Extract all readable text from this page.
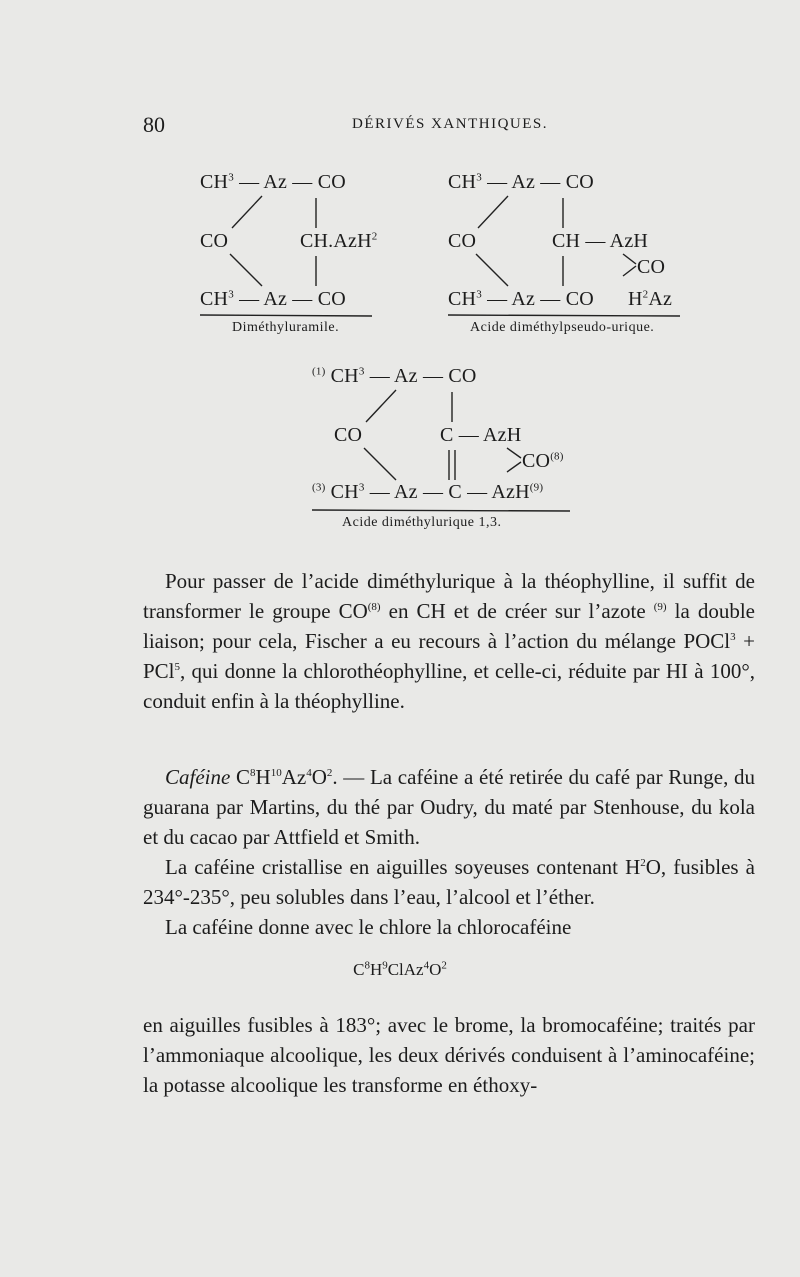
80	DÉRIVÉS XANTHIQUES.
$CH^3$ — Az — CO
CO	CH.AzH$^2$
$CH^3$ — Az — CO
Diméthyluramile.
$CH^3$ — Az — CO
CO	CH — AzH
CO
$CH^3$ — Az — CO $H^2Az$
Acide diméthylpseudo-urique.
$^{(1)}$ $CH^3$ — Az — CO
CO	C — AzH
CO$^{(8)}$
$^{(3)}$ $CH^3$ — Az — C — AzH$^{(9)}$
Acide diméthylurique 1,3.

Pour passer de l’acide diméthylurique à la théophylline, il suffit de transformer le groupe CO$^{(8)}$ en CH et de créer sur l’azote $^{(9)}$ la double liaison; pour cela, Fischer a eu recours à l’action du mélange POCl$^3$ + PCl$^5$, qui donne la chlorothéophylline, et celle-ci, réduite par HI à 100°, conduit enfin à la théophylline.

Caféine $C^8H^{10}Az^4O^2$. — La caféine a été retirée du café par Runge, du guarana par Martins, du thé par Oudry, du maté par Stenhouse, du kola et du cacao par Attfield et Smith.

La caféine cristallise en aiguilles soyeuses contenant $H^2O$, fusibles à 234°-235°, peu solubles dans l’eau, l’alcool et l’éther.

La caféine donne avec le chlore la chlorocaféine

$C^8H^9ClAz^4O^2$

en aiguilles fusibles à 183°; avec le brome, la bromocaféine; traités par l’ammoniaque alcoolique, les deux dérivés conduisent à l’aminocaféine; la potasse alcoolique les transforme en éthoxy-
